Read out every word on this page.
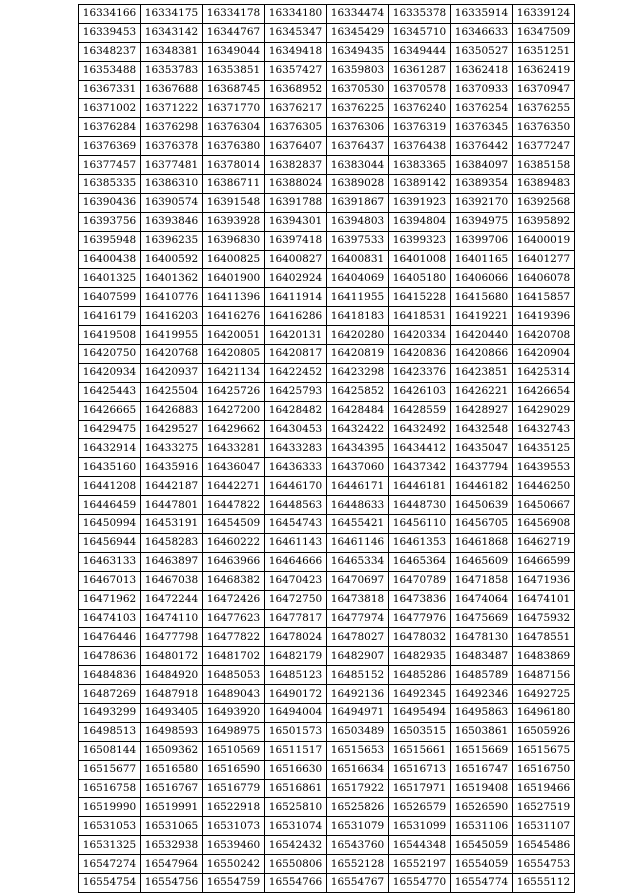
16334166	16334175	16334178	16334180	16334474	16335378	16335914	16339124
16339453	16343142	16344767	16345347	16345429	16345710	16346633	16347509
16348237	16348381	16349044	16349418	16349435	16349444	16350527	16351251
16353488	16353783	16353851	16357427	16359803	16361287	16362418	16362419
16367331	16367688	16368745	16368952	16370530	16370578	16370933	16370947
16371002	16371222	16371770	16376217	16376225	16376240	16376254	16376255
16376284	16376298	16376304	16376305	16376306	16376319	16376345	16376350
16376369	16376378	16376380	16376407	16376437	16376438	16376442	16377247
16377457	16377481	16378014	16382837	16383044	16383365	16384097	16385158
16385335	16386310	16386711	16388024	16389028	16389142	16389354	16389483
16390436	16390574	16391548	16391788	16391867	16391923	16392170	16392568
16393756	16393846	16393928	16394301	16394803	16394804	16394975	16395892
16395948	16396235	16396830	16397418	16397533	16399323	16399706	16400019
16400438	16400592	16400825	16400827	16400831	16401008	16401165	16401277
16401325	16401362	16401900	16402924	16404069	16405180	16406066	16406078
16407599	16410776	16411396	16411914	16411955	16415228	16415680	16415857
16416179	16416203	16416276	16416286	16418183	16418531	16419221	16419396
16419508	16419955	16420051	16420131	16420280	16420334	16420440	16420708
16420750	16420768	16420805	16420817	16420819	16420836	16420866	16420904
16420934	16420937	16421134	16422452	16423298	16423376	16423851	16425314
16425443	16425504	16425726	16425793	16425852	16426103	16426221	16426654
16426665	16426883	16427200	16428482	16428484	16428559	16428927	16429029
16429475	16429527	16429662	16430453	16432422	16432492	16432548	16432743
16432914	16433275	16433281	16433283	16434395	16434412	16435047	16435125
16435160	16435916	16436047	16436333	16437060	16437342	16437794	16439553
16441208	16442187	16442271	16446170	16446171	16446181	16446182	16446250
16446459	16447801	16447822	16448563	16448633	16448730	16450639	16450667
16450994	16453191	16454509	16454743	16455421	16456110	16456705	16456908
16456944	16458283	16460222	16461143	16461146	16461353	16461868	16462719
16463133	16463897	16463966	16464666	16465334	16465364	16465609	16466599
16467013	16467038	16468382	16470423	16470697	16470789	16471858	16471936
16471962	16472244	16472426	16472750	16473818	16473836	16474064	16474101
16474103	16474110	16477623	16477817	16477974	16477976	16475669	16475932
16476446	16477798	16477822	16478024	16478027	16478032	16478130	16478551
16478636	16480172	16481702	16482179	16482907	16482935	16483487	16483869
16484836	16484920	16485053	16485123	16485152	16485286	16485789	16487156
16487269	16487918	16489043	16490172	16492136	16492345	16492346	16492725
16493299	16493405	16493920	16494004	16494971	16495494	16495863	16496180
16498513	16498593	16498975	16501573	16503489	16503515	16503861	16505926
16508144	16509362	16510569	16511517	16515653	16515661	16515669	16515675
16515677	16516580	16516590	16516630	16516634	16516713	16516747	16516750
16516758	16516767	16516779	16516861	16517922	16517971	16519408	16519466
16519990	16519991	16522918	16525810	16525826	16526579	16526590	16527519
16531053	16531065	16531073	16531074	16531079	16531099	16531106	16531107
16531325	16532938	16539460	16542432	16543760	16544348	16545059	16545486
16547274	16547964	16550242	16550806	16552128	16552197	16554059	16554753
16554754	16554756	16554759	16554766	16554767	16554770	16554774	16555112
